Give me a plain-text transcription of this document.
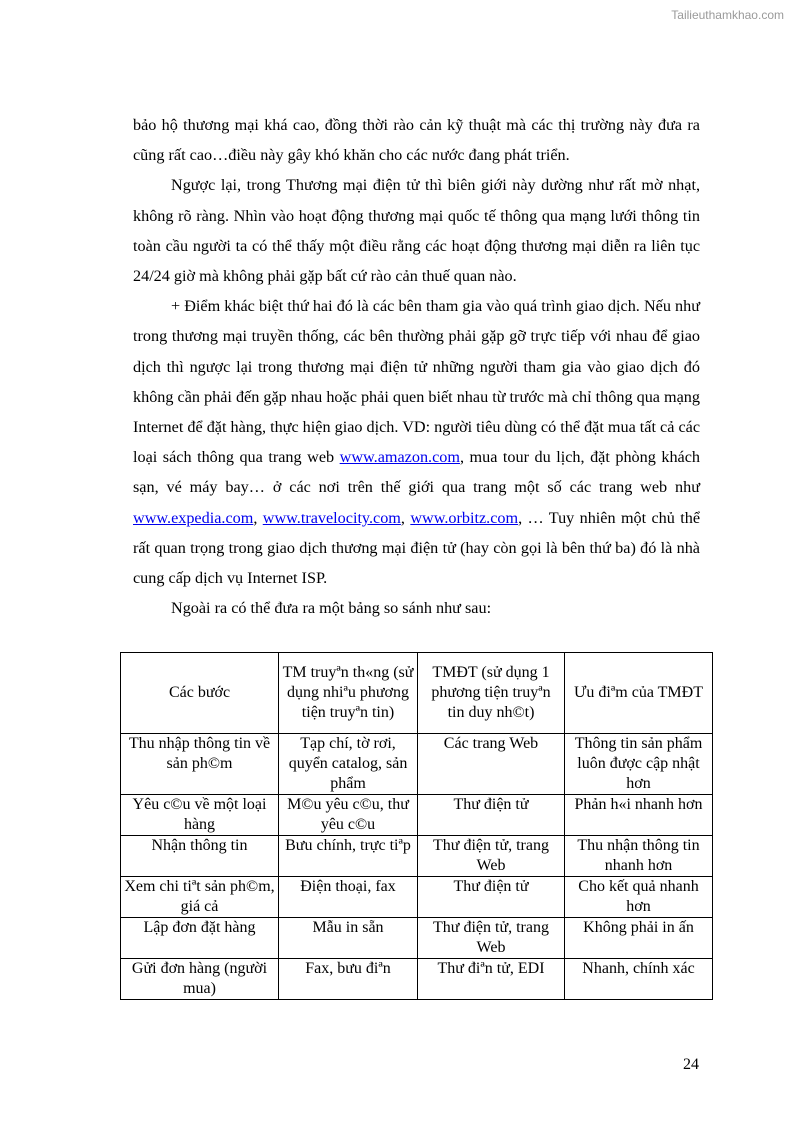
Tailieuthamkhao.com

bảo hộ thương mại khá cao, đồng thời rào cản kỹ thuật mà các thị trường này đưa ra cũng rất cao…điều này gây khó khăn cho các nước đang phát triển.

Ngược lại, trong Thương mại điện tử thì biên giới này dường như rất mờ nhạt, không rõ ràng. Nhìn vào hoạt động thương mại quốc tế thông qua mạng lưới thông tin toàn cầu người ta có thể thấy một điều rằng các hoạt động thương mại diễn ra liên tục 24/24 giờ mà không phải gặp bất cứ rào cản thuế quan nào.

+ Điểm khác biệt thứ hai đó là các bên tham gia vào quá trình giao dịch. Nếu như trong thương mại truyền thống, các bên thường phải gặp gỡ trực tiếp với nhau để giao dịch thì ngược lại trong thương mại điện tử những người tham gia vào giao dịch đó không cần phải đến gặp nhau hoặc phải quen biết nhau từ trước mà chỉ thông qua mạng Internet để đặt hàng, thực hiện giao dịch. VD: người tiêu dùng có thể đặt mua tất cả các loại sách thông qua trang web www.amazon.com, mua tour du lịch, đặt phòng khách sạn, vé máy bay… ở các nơi trên thế giới qua trang một số các trang web như www.expedia.com, www.travelocity.com, www.orbitz.com, … Tuy nhiên một chủ thể rất quan trọng trong giao dịch thương mại điện tử (hay còn gọi là bên thứ ba) đó là nhà cung cấp dịch vụ Internet ISP.

Ngoài ra có thể đưa ra một bảng so sánh như sau:

Các bước	TM truyªn th«ng (sử dụng nhiªu phương tiện truyªn tin)	TMĐT (sử dụng 1 phương tiện truyªn tin duy nh©t)	Ưu điªm của TMĐT
Thu nhập thông tin về sản ph©m	Tạp chí, tờ rơi, quyển catalog, sản phẩm	Các trang Web	Thông tin sản phẩm luôn được cập nhật hơn
Yêu c©u về một loại hàng	M©u yêu c©u, thư yêu c©u	Thư điện tử	Phản h«i nhanh hơn
Nhận thông tin	Bưu chính, trực tiªp	Thư điện tử, trang Web	Thu nhận thông tin nhanh hơn
Xem chi tiªt sản ph©m, giá cả	Điện thoại, fax	Thư điện tử	Cho kết quả nhanh hơn
Lập đơn đặt hàng	Mẫu in sẵn	Thư điện tử, trang Web	Không phải in ấn
Gửi đơn hàng (người mua)	Fax, bưu điªn	Thư điªn tử, EDI	Nhanh, chính xác
24
